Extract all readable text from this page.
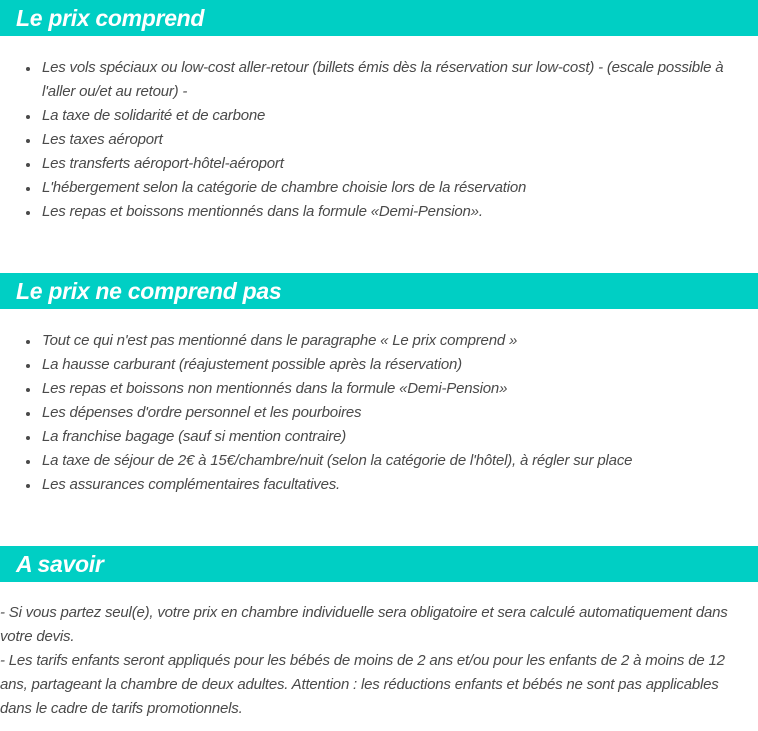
Le prix comprend
• Les vols spéciaux ou low-cost aller-retour (billets émis dès la réservation sur low-cost) - (escale possible à l'aller ou/et au retour) -
• La taxe de solidarité et de carbone
• Les taxes aéroport
• Les transferts aéroport-hôtel-aéroport
• L'hébergement selon la catégorie de chambre choisie lors de la réservation
• Les repas et boissons mentionnés dans la formule «Demi-Pension».
Le prix ne comprend pas
• Tout ce qui n'est pas mentionné dans le paragraphe « Le prix comprend »
• La hausse carburant (réajustement possible après la réservation)
• Les repas et boissons non mentionnés dans la formule «Demi-Pension»
• Les dépenses d'ordre personnel et les pourboires
• La franchise bagage (sauf si mention contraire)
• La taxe de séjour de 2€ à 15€/chambre/nuit (selon la catégorie de l'hôtel), à régler sur place
• Les assurances complémentaires facultatives.
A savoir

- Si vous partez seul(e), votre prix en chambre individuelle sera obligatoire et sera calculé automatiquement dans votre devis.

- Les tarifs enfants seront appliqués pour les bébés de moins de 2 ans et/ou pour les enfants de 2 à moins de 12 ans, partageant la chambre de deux adultes. Attention : les réductions enfants et bébés ne sont pas applicables dans le cadre de tarifs promotionnels.
